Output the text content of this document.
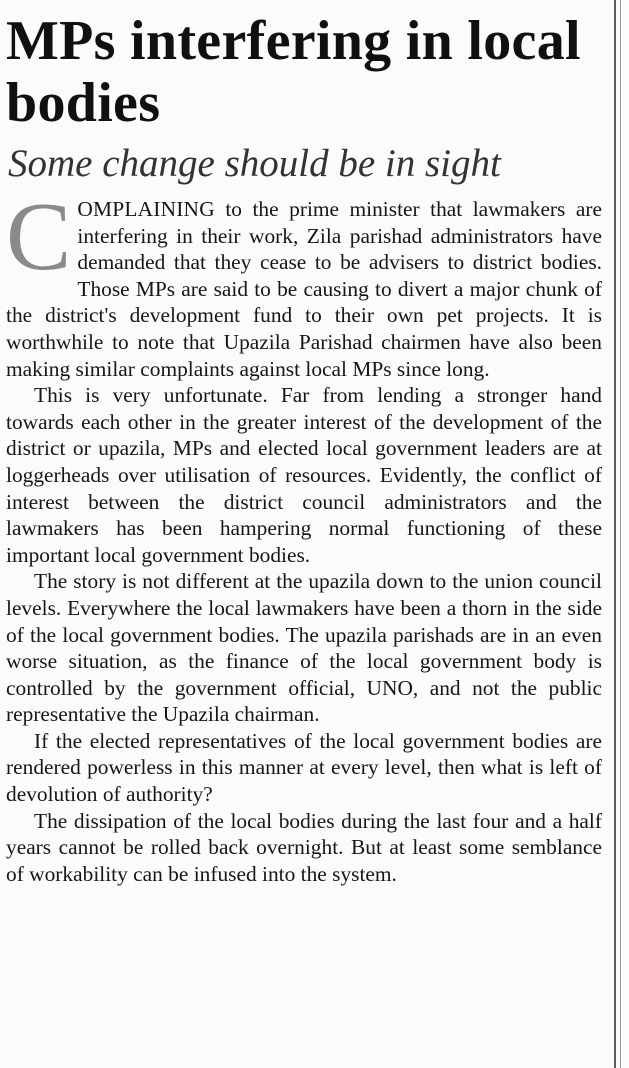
MPs interfering in local bodies
Some change should be in sight

COMPLAINING to the prime minister that lawmakers are interfering in their work, Zila parishad administrators have demanded that they cease to be advisers to district bodies. Those MPs are said to be causing to divert a major chunk of the district's development fund to their own pet projects. It is worthwhile to note that Upazila Parishad chairmen have also been making similar complaints against local MPs since long.

This is very unfortunate. Far from lending a stronger hand towards each other in the greater interest of the development of the district or upazila, MPs and elected local government leaders are at loggerheads over utilisation of resources. Evidently, the conflict of interest between the district council administrators and the lawmakers has been hampering normal functioning of these important local government bodies.

The story is not different at the upazila down to the union council levels. Everywhere the local lawmakers have been a thorn in the side of the local government bodies. The upazila parishads are in an even worse situation, as the finance of the local government body is controlled by the government official, UNO, and not the public representative the Upazila chairman.

If the elected representatives of the local government bodies are rendered powerless in this manner at every level, then what is left of devolution of authority?

The dissipation of the local bodies during the last four and a half years cannot be rolled back overnight. But at least some semblance of workability can be infused into the system.
